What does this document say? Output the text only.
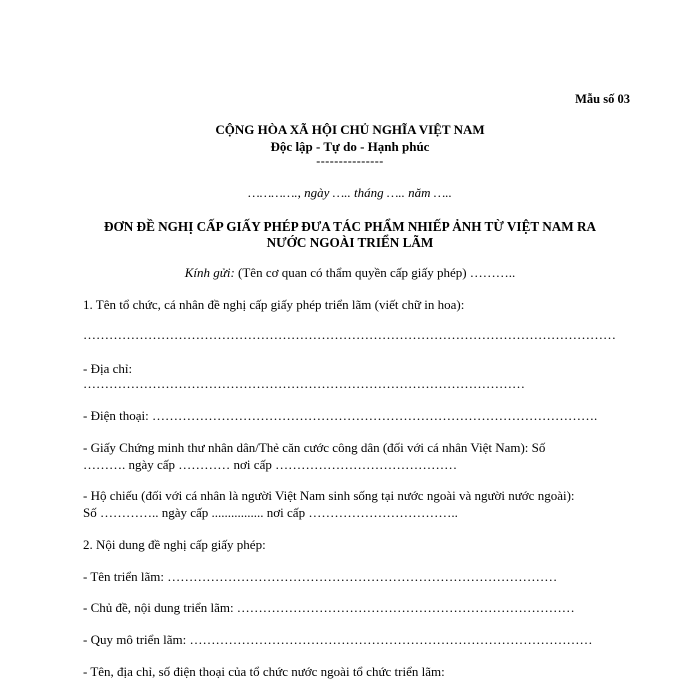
Mẫu số 03
CỘNG HÒA XÃ HỘI CHỦ NGHĨA VIỆT NAM
Độc lập - Tự do - Hạnh phúc
---------------
…………., ngày ….. tháng ….. năm …..
ĐƠN ĐỀ NGHỊ CẤP GIẤY PHÉP ĐƯA TÁC PHẨM NHIẾP ẢNH TỪ VIỆT NAM RA
NƯỚC NGOÀI TRIỂN LÃM
Kính gửi: (Tên cơ quan có thẩm quyền cấp giấy phép) ………..
1. Tên tổ chức, cá nhân đề nghị cấp giấy phép triển lãm (viết chữ in hoa):
……………………………………………………………………………………………………………
- Địa chỉ:
…………………………………………………………………………………………
- Điện thoại: ………………………………………………………………………………………….
- Giấy Chứng minh thư nhân dân/Thẻ căn cước công dân (đối với cá nhân Việt Nam): Số
………. ngày cấp ………… nơi cấp ……………………………………
- Hộ chiếu (đối với cá nhân là người Việt Nam sinh sống tại nước ngoài và người nước ngoài):
Số ………….. ngày cấp ................ nơi cấp ……………………………..
2. Nội dung đề nghị cấp giấy phép:
- Tên triển lãm: ………………………………………………………………………………
- Chủ đề, nội dung triển lãm: ……………………………………………………………………
- Quy mô triển lãm: …………………………………………………………………………………
- Tên, địa chỉ, số điện thoại của tổ chức nước ngoài tổ chức triển lãm:
